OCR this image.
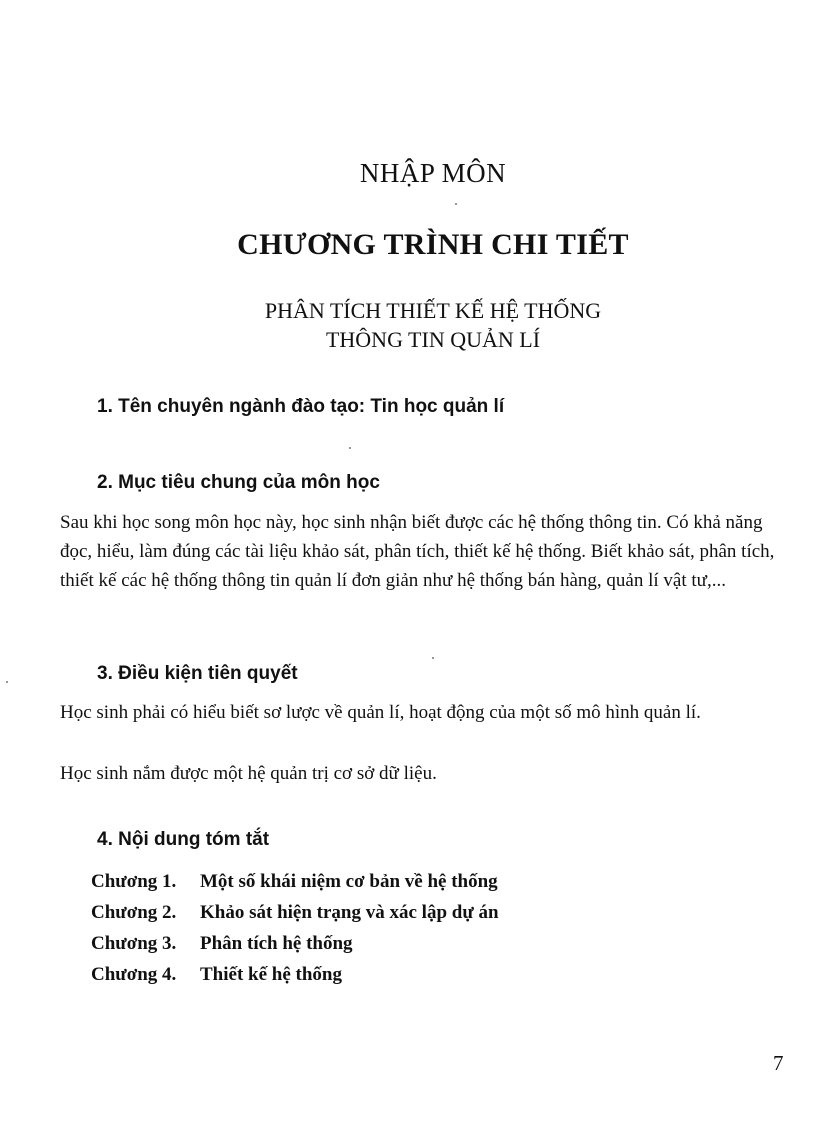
NHẬP MÔN
CHƯƠNG TRÌNH CHI TIẾT
PHÂN TÍCH THIẾT KẾ HỆ THỐNG
THÔNG TIN QUẢN LÍ
1. Tên chuyên ngành đào tạo: Tin học quản lí
2. Mục tiêu chung của môn học
Sau khi học song môn học này, học sinh nhận biết được các hệ thống thông tin. Có khả năng đọc, hiểu, làm đúng các tài liệu khảo sát, phân tích, thiết kế hệ thống. Biết khảo sát, phân tích, thiết kế các hệ thống thông tin quản lí đơn giản như hệ thống bán hàng, quản lí vật tư,...
3. Điều kiện tiên quyết
Học sinh phải có hiểu biết sơ lược về quản lí, hoạt động của một số mô hình quản lí.
Học sinh nắm được một hệ quản trị cơ sở dữ liệu.
4. Nội dung tóm tắt
Chương 1. Một số khái niệm cơ bản về hệ thống
Chương 2. Khảo sát hiện trạng và xác lập dự án
Chương 3. Phân tích hệ thống
Chương 4. Thiết kế hệ thống
7
